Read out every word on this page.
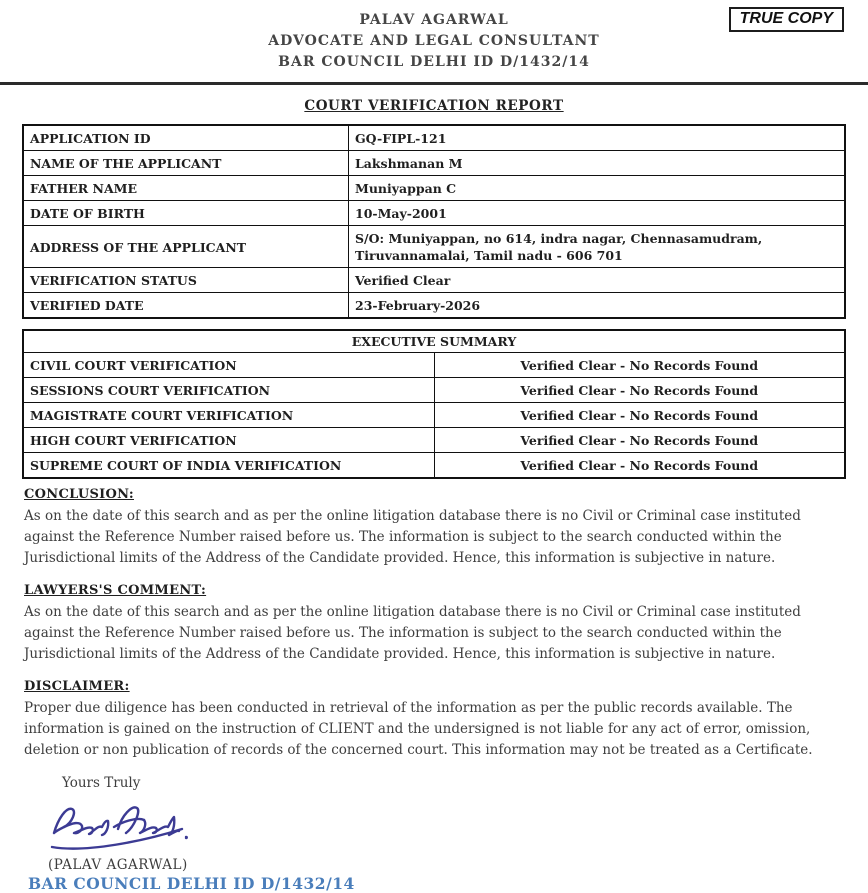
PALAV AGARWAL
ADVOCATE AND LEGAL CONSULTANT
BAR COUNCIL DELHI ID D/1432/14
TRUE COPY
COURT VERIFICATION REPORT
APPLICATION ID	GQ-FIPL-121
NAME OF THE APPLICANT	Lakshmanan M
FATHER NAME	Muniyappan C
DATE OF BIRTH	10-May-2001
ADDRESS OF THE APPLICANT	S/O: Muniyappan, no 614, indra nagar, Chennasamudram, Tiruvannamalai, Tamil nadu - 606 701
VERIFICATION STATUS	Verified Clear
VERIFIED DATE	23-February-2026
EXECUTIVE SUMMARY	
CIVIL COURT VERIFICATION	Verified Clear - No Records Found
SESSIONS COURT VERIFICATION	Verified Clear - No Records Found
MAGISTRATE COURT VERIFICATION	Verified Clear - No Records Found
HIGH COURT VERIFICATION	Verified Clear - No Records Found
SUPREME COURT OF INDIA VERIFICATION	Verified Clear - No Records Found
CONCLUSION:

As on the date of this search and as per the online litigation database there is no Civil or Criminal case instituted against the Reference Number raised before us. The information is subject to the search conducted within the Jurisdictional limits of the Address of the Candidate provided. Hence, this information is subjective in nature.

LAWYERS'S COMMENT:

As on the date of this search and as per the online litigation database there is no Civil or Criminal case instituted against the Reference Number raised before us. The information is subject to the search conducted within the Jurisdictional limits of the Address of the Candidate provided. Hence, this information is subjective in nature.

DISCLAIMER:

Proper due diligence has been conducted in retrieval of the information as per the public records available. The information is gained on the instruction of CLIENT and the undersigned is not liable for any act of error, omission, deletion or non publication of records of the concerned court. This information may not be treated as a Certificate.

Yours Truly
(PALAV AGARWAL)
BAR COUNCIL DELHI ID D/1432/14
